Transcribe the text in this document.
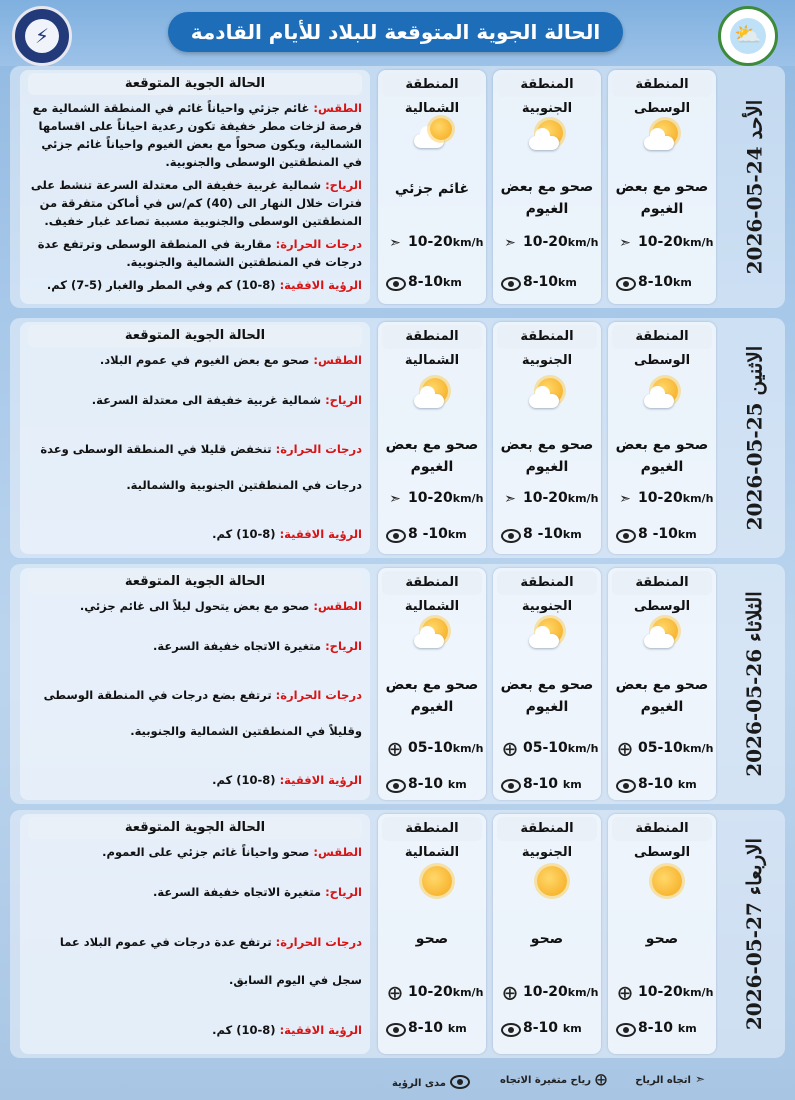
⚡	الحالة الجوية المتوقعة للبلاد للأيام القادمة	⛅
الحالة الجوية المتوقعة

الطقس: غائم جزئي واحياناً غائم في المنطقة الشمالية مع فرصة لزخات مطر خفيفة تكون رعدية احياناً على اقسامها الشمالية، ويكون صحواً مع بعض الغيوم واحياناً غائم جزئي في المنطقتين الوسطى والجنوبية.

الرياح: شمالية غربية خفيفة الى معتدلة السرعة تنشط على فترات خلال النهار الى (40) كم/س في أماكن متفرقة من المنطقتين الوسطى والجنوبية مسببة تصاعد غبار خفيف.

درجات الحرارة: مقاربة في المنطقة الوسطى وترتفع عدة درجات في المنطقتين الشمالية والجنوبية.

الرؤية الافقية: (8-10) كم وفي المطر والغبار (5-7) كم.

المنطقة الشمالية
غائم جزئي
➣ 10-20km/h
8-10km
المنطقة الجنوبية
صحو مع بعض الغيوم
➣ 10-20km/h
8-10km
المنطقة الوسطى
صحو مع بعض الغيوم
➣ 10-20km/h
8-10km
2026-05-24 الأحد
الحالة الجوية المتوقعة

الطقس: صحو مع بعض الغيوم في عموم البلاد.

الرياح: شمالية غربية خفيفة الى معتدلة السرعة.

درجات الحرارة: تنخفض قليلا في المنطقة الوسطى وعدة درجات في المنطقتين الجنوبية والشمالية.

الرؤية الافقية: (8-10) كم.

المنطقة الشمالية
صحو مع بعض الغيوم
➣ 10-20km/h
8 -10km
المنطقة الجنوبية
صحو مع بعض الغيوم
➣ 10-20km/h
8 -10km
المنطقة الوسطى
صحو مع بعض الغيوم
➣ 10-20km/h
8 -10km
2026-05-25 الاثنين
الحالة الجوية المتوقعة

الطقس: صحو مع بعض يتحول ليلاً الى غائم جزئي.

الرياح: متغيرة الاتجاه خفيفة السرعة.

درجات الحرارة: ترتفع بضع درجات في المنطقة الوسطى وقليلاً في المنطقتين الشمالية والجنوبية.

الرؤية الافقية: (8-10) كم.

المنطقة الشمالية
صحو مع بعض الغيوم
⨁ 05-10km/h
8-10 km
المنطقة الجنوبية
صحو مع بعض الغيوم
⨁ 05-10km/h
8-10 km
المنطقة الوسطى
صحو مع بعض الغيوم
⨁ 05-10km/h
8-10 km
2026-05-26 الثلاثاء
الحالة الجوية المتوقعة

الطقس: صحو واحياناً غائم جزئي على العموم.

الرياح: متغيرة الاتجاه خفيفة السرعة.

درجات الحرارة: ترتفع عدة درجات في عموم البلاد عما سجل في اليوم السابق.

الرؤية الافقية: (8-10) كم.

المنطقة الشمالية
صحو
⨁ 10-20km/h
8-10 km
المنطقة الجنوبية
صحو
⨁ 10-20km/h
8-10 km
المنطقة الوسطى
صحو
⨁ 10-20km/h
8-10 km 2026-05-27 الاربعاء
➣اتجاه الرياح
⨁رياح متغيرة الاتجاه
مدى الرؤية
